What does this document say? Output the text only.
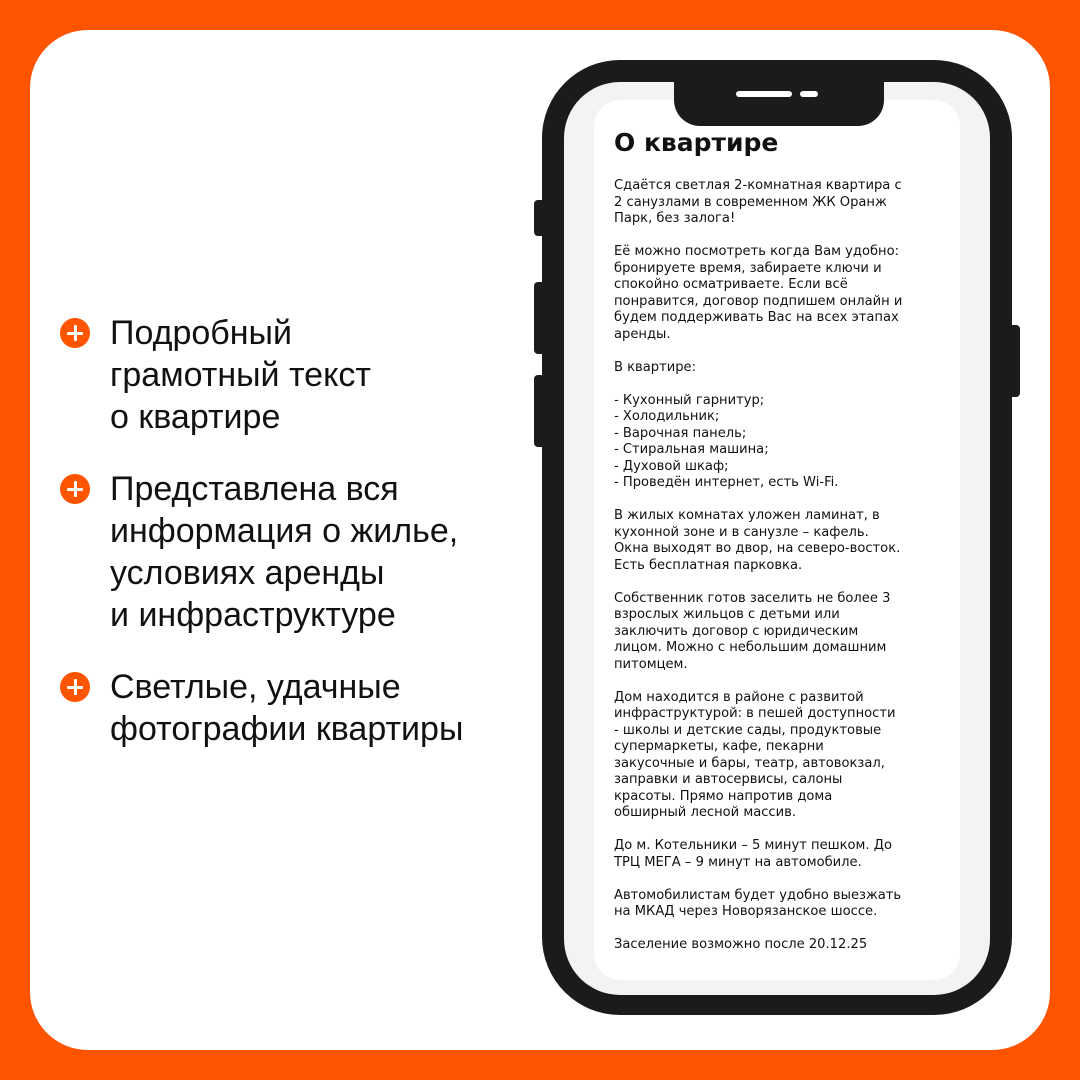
Подробный
грамотный текст
о квартире
Представлена вся
информация о жилье,
условиях аренды
и инфраструктуре
Светлые, удачные
фотографии квартиры
О квартире

Сдаётся светлая 2-комнатная квартира с
2 санузлами в современном ЖК Оранж
Парк, без залога!

Её можно посмотреть когда Вам удобно:
бронируете время, забираете ключи и
спокойно осматриваете. Если всё
понравится, договор подпишем онлайн и
будем поддерживать Вас на всех этапах
аренды.

В квартире:

- Кухонный гарнитур;
- Холодильник;
- Варочная панель;
- Стиральная машина;
- Духовой шкаф;
- Проведён интернет, есть Wi-Fi.

В жилых комнатах уложен ламинат, в
кухонной зоне и в санузле – кафель.
Окна выходят во двор, на северо-восток.
Есть бесплатная парковка.

Собственник готов заселить не более 3
взрослых жильцов с детьми или
заключить договор с юридическим
лицом. Можно с небольшим домашним
питомцем.

Дом находится в районе с развитой
инфраструктурой: в пешей доступности
- школы и детские сады, продуктовые
супермаркеты, кафе, пекарни
закусочные и бары, театр, автовокзал,
заправки и автосервисы, салоны
красоты. Прямо напротив дома
обширный лесной массив.

До м. Котельники – 5 минут пешком. До
ТРЦ МЕГА – 9 минут на автомобиле.

Автомобилистам будет удобно выезжать
на МКАД через Новорязанское шоссе.

Заселение возможно после 20.12.25
